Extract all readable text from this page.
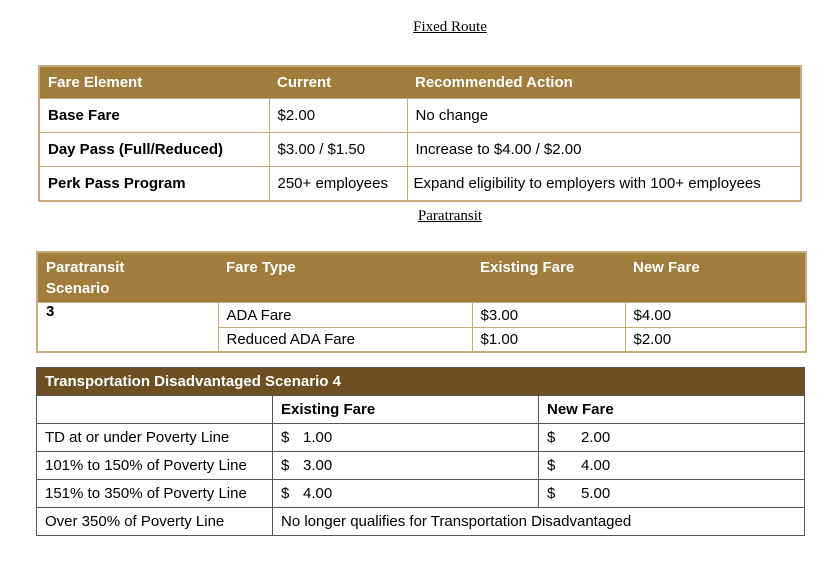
Fixed Route
Fare Element	Current	Recommended Action
Base Fare	$2.00	No change
Day Pass (Full/Reduced)	$3.00 / $1.50	Increase to $4.00 / $2.00
Perk Pass Program	250+ employees	Expand eligibility to employers with 100+ employees
Paratransit
Paratransit Scenario	Fare Type	Existing Fare	New Fare
3	ADA Fare	$3.00	$4.00
	Reduced ADA Fare	$1.00	$2.00
Transportation Disadvantaged Scenario 4		
	Existing Fare	New Fare
TD at or under Poverty Line	$ 1.00	$ 2.00
101% to 150% of Poverty Line	$ 3.00	$ 4.00
151% to 350% of Poverty Line	$ 4.00	$ 5.00
Over 350% of Poverty Line	No longer qualifies for Transportation Disadvantaged	
